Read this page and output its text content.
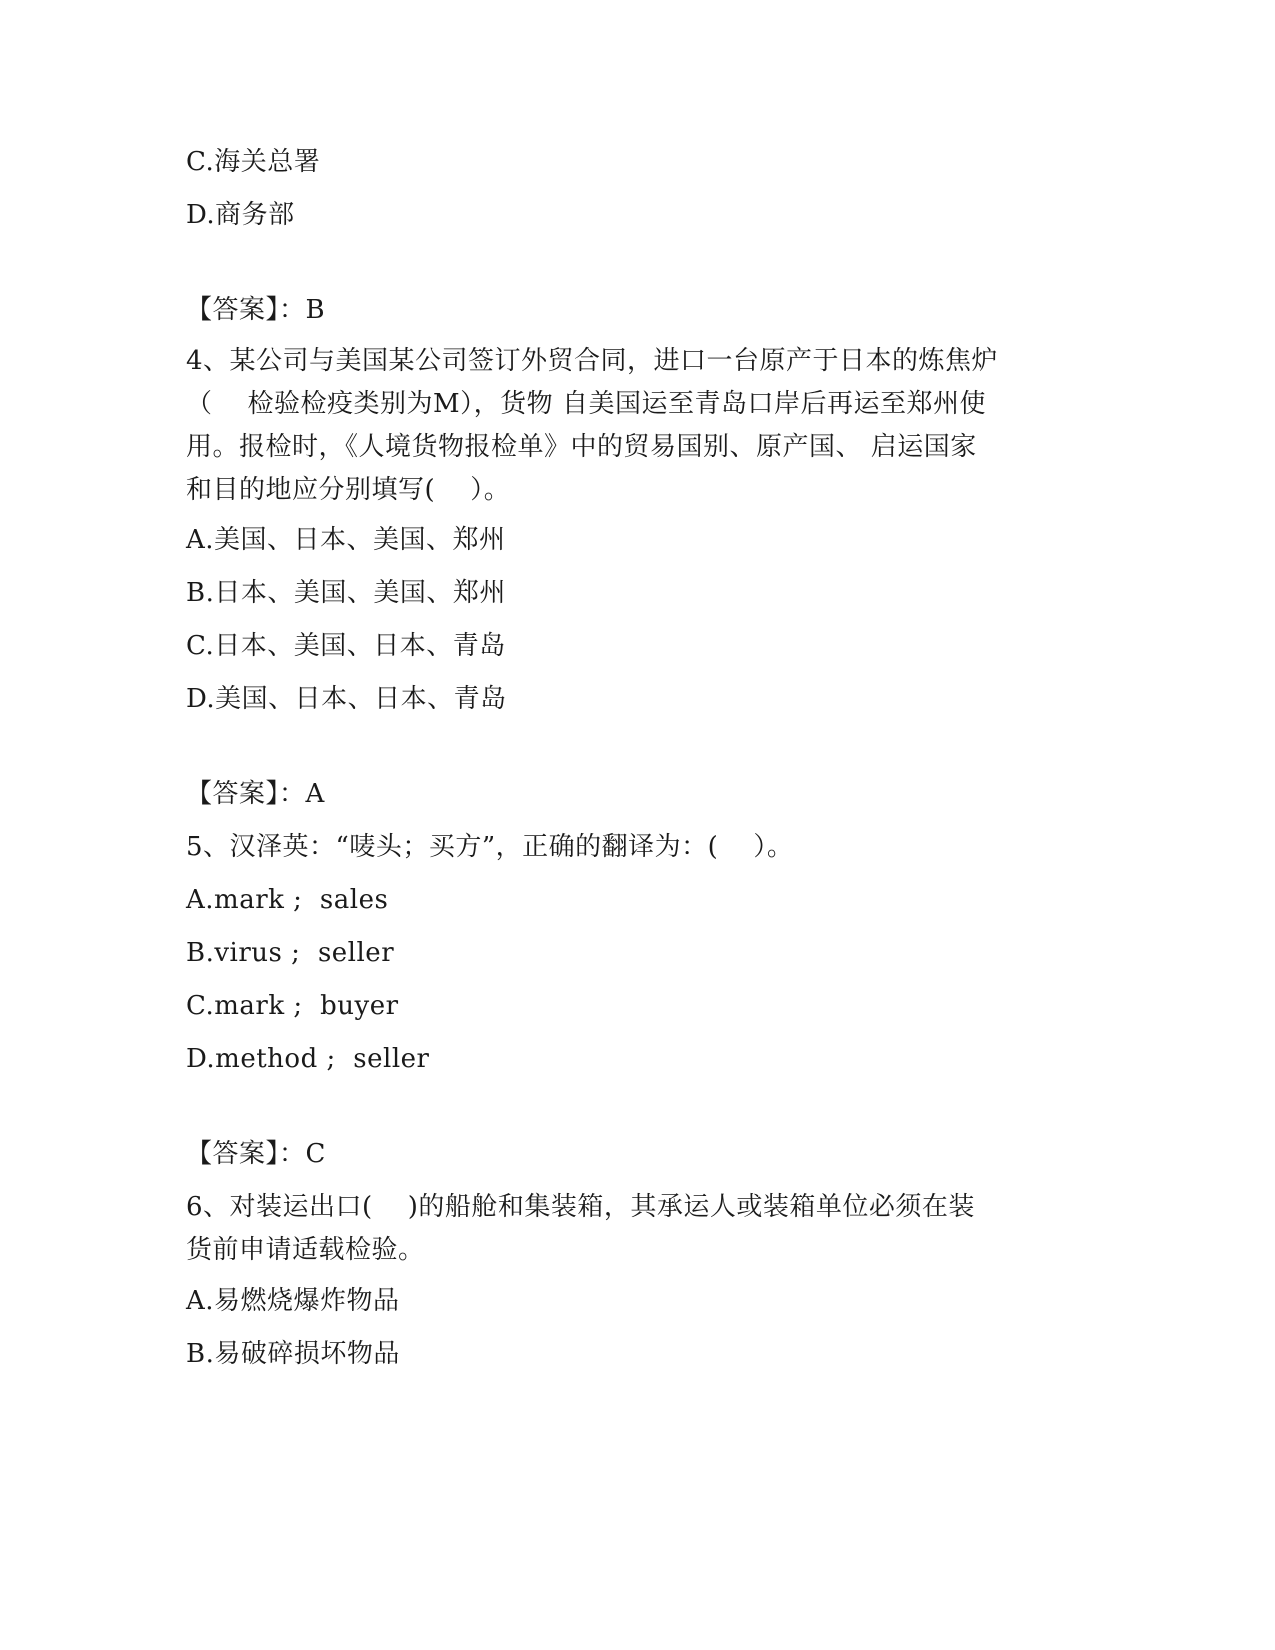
C.海关总署
D.商务部
【答案】：B
4、某公司与美国某公司签订外贸合同，进口一台原产于日本的炼焦炉
（    检验检疫类别为M），货物 自美国运至青岛口岸后再运至郑州使
用。报检时，《人境货物报检单》中的贸易国别、原产国、 启运国家
和目的地应分别填写(    ）。
A.美国、日本、美国、郑州
B.日本、美国、美国、郑州
C.日本、美国、日本、青岛
D.美国、日本、日本、青岛
【答案】：A
5、汉泽英：“唛头；买方”，正确的翻译为：(    ）。
A.mark ;  sales
B.virus ;  seller
C.mark ;  buyer
D.method ;  seller
【答案】：C
6、对装运出口(    )的船舱和集装箱，其承运人或装箱单位必须在装
货前申请适载检验。
A.易燃烧爆炸物品
B.易破碎损坏物品
